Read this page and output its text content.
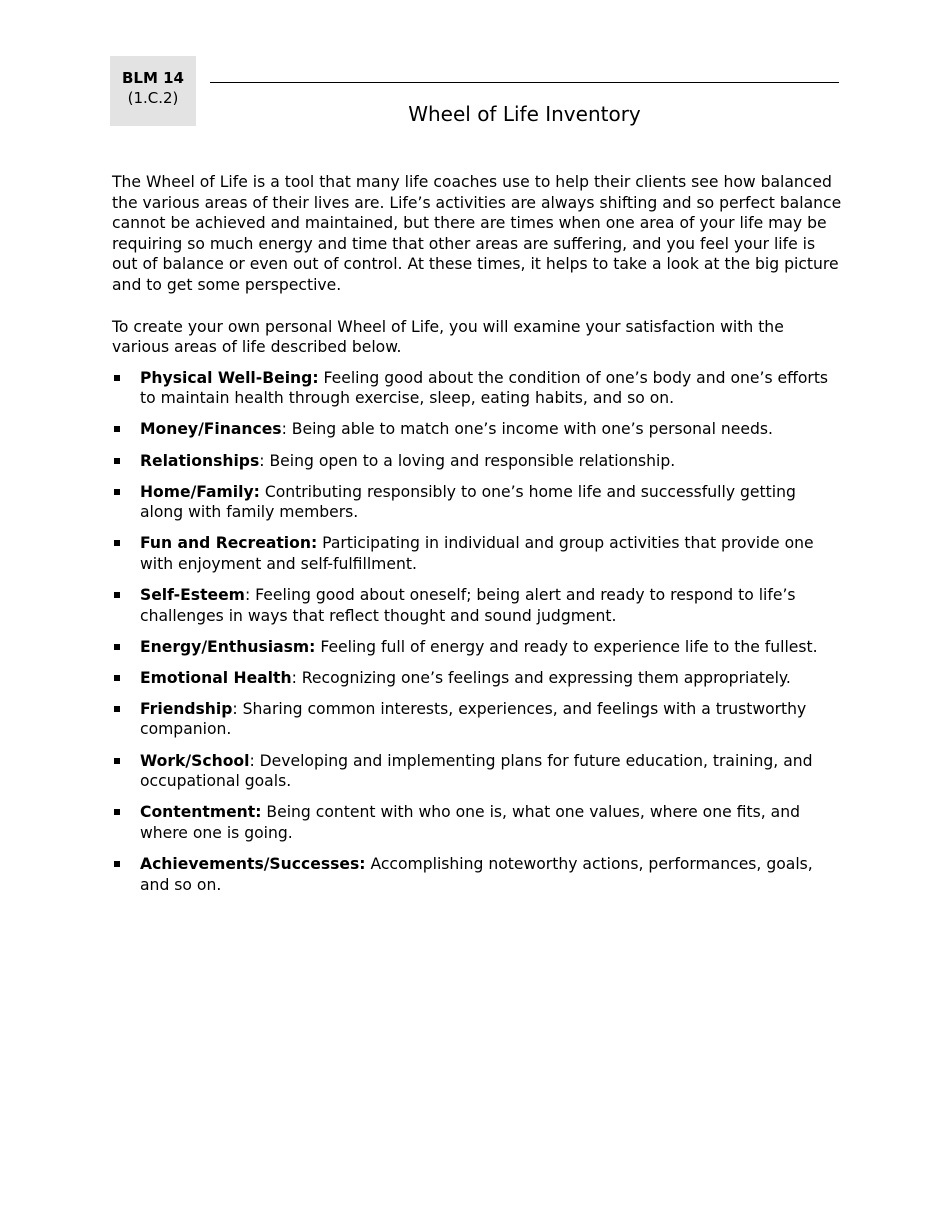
BLM 14
(1.C.2)
Wheel of Life Inventory

The Wheel of Life is a tool that many life coaches use to help their clients see how balanced the various areas of their lives are. Life’s activities are always shifting and so perfect balance cannot be achieved and maintained, but there are times when one area of your life may be requiring so much energy and time that other areas are suffering, and you feel your life is out of balance or even out of control. At these times, it helps to take a look at the big picture and to get some perspective.

To create your own personal Wheel of Life, you will examine your satisfaction with the various areas of life described below.

Physical Well-Being: Feeling good about the condition of one’s body and one’s efforts to maintain health through exercise, sleep, eating habits, and so on.
Money/Finances: Being able to match one’s income with one’s personal needs.
Relationships: Being open to a loving and responsible relationship.
Home/Family: Contributing responsibly to one’s home life and successfully getting along with family members.
Fun and Recreation: Participating in individual and group activities that provide one with enjoyment and self-fulfillment.
Self-Esteem: Feeling good about oneself; being alert and ready to respond to life’s challenges in ways that reflect thought and sound judgment.
Energy/Enthusiasm: Feeling full of energy and ready to experience life to the fullest.
Emotional Health: Recognizing one’s feelings and expressing them appropriately.
Friendship: Sharing common interests, experiences, and feelings with a trustworthy companion.
Work/School: Developing and implementing plans for future education, training, and occupational goals.
Contentment: Being content with who one is, what one values, where one fits, and where one is going.
Achievements/Successes: Accomplishing noteworthy actions, performances, goals, and so on.
